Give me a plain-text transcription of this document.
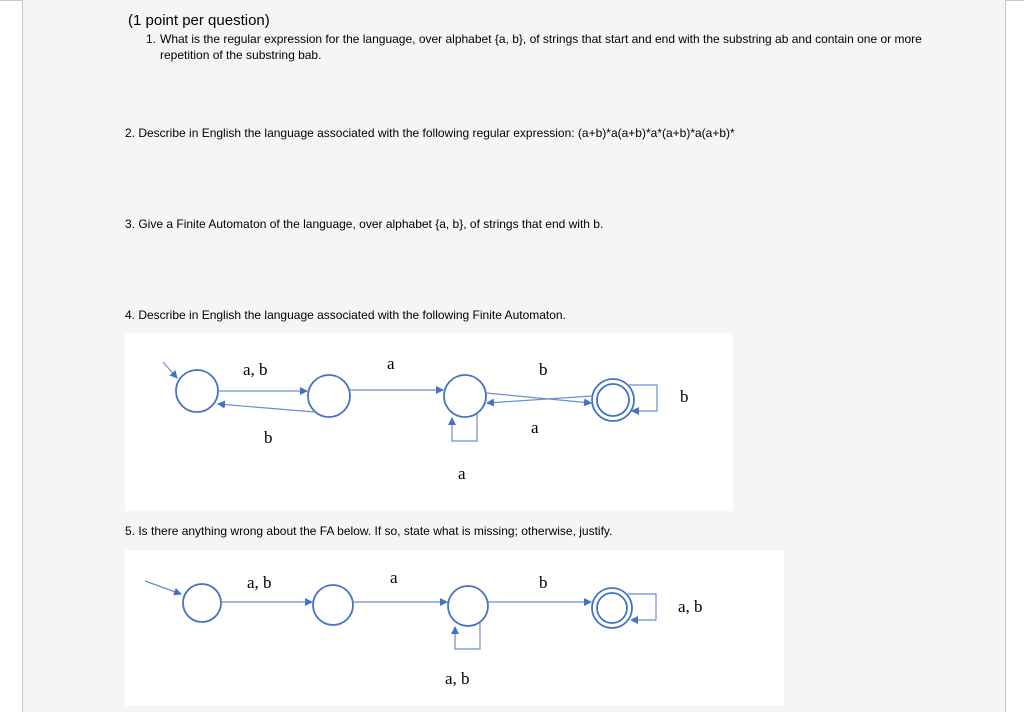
(1 point per question)
1. What is the regular expression for the language, over alphabet {a, b}, of strings that start and end with the substring ab and contain one or more
repetition of the substring bab.
2. Describe in English the language associated with the following regular expression: (a+b)*a(a+b)*a*(a+b)*a(a+b)*
3. Give a Finite Automaton of the language, over alphabet {a, b}, of strings that end with b.
4. Describe in English the language associated with the following Finite Automaton.
a, b
b
a
a
b
a
b
5. Is there anything wrong about the FA below. If so, state what is missing; otherwise, justify.
a, b	a
a, b
b
a, b
